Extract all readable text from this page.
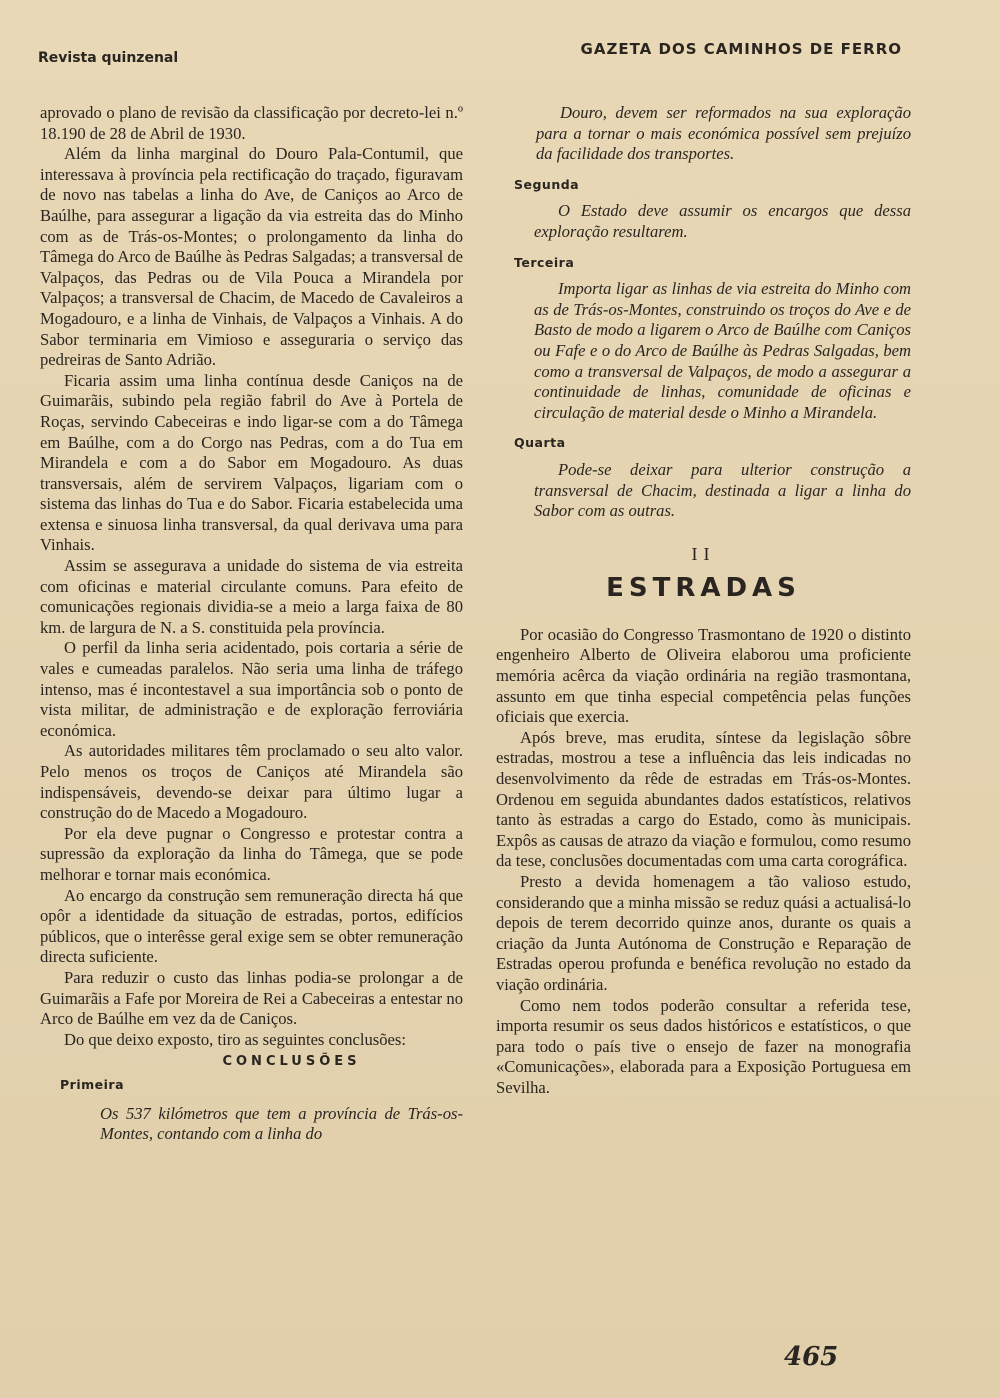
Revista quinzenal	GAZETA DOS CAMINHOS DE FERRO

aprovado o plano de revisão da classificação por decreto-lei n.º 18.190 de 28 de Abril de 1930.

Além da linha marginal do Douro Pala-Contumil, que interessava à província pela rectificação do traçado, figuravam de novo nas tabelas a linha do Ave, de Caniços ao Arco de Baúlhe, para assegurar a ligação da via estreita das do Minho com as de Trás-os-Montes; o prolongamento da linha do Tâmega do Arco de Baúlhe às Pedras Salgadas; a transversal de Valpaços, das Pedras ou de Vila Pouca a Mirandela por Valpaços; a transversal de Chacim, de Macedo de Cavaleiros a Mogadouro, e a linha de Vinhais, de Valpaços a Vinhais. A do Sabor terminaria em Vimioso e asseguraria o serviço das pedreiras de Santo Adrião.

Ficaria assim uma linha contínua desde Caniços na de Guimarãis, subindo pela região fabril do Ave à Portela de Roças, servindo Cabeceiras e indo ligar-se com a do Tâmega em Baúlhe, com a do Corgo nas Pedras, com a do Tua em Mirandela e com a do Sabor em Mogadouro. As duas transversais, além de servirem Valpaços, ligariam com o sistema das linhas do Tua e do Sabor. Ficaria estabelecida uma extensa e sinuosa linha transversal, da qual derivava uma para Vinhais.

Assim se assegurava a unidade do sistema de via estreita com oficinas e material circulante comuns. Para efeito de comunicações regionais dividia-se a meio a larga faixa de 80 km. de largura de N. a S. constituida pela província.

O perfil da linha seria acidentado, pois cortaria a série de vales e cumeadas paralelos. Não seria uma linha de tráfego intenso, mas é incontestavel a sua importância sob o ponto de vista militar, de administração e de exploração ferroviária económica.

As autoridades militares têm proclamado o seu alto valor. Pelo menos os troços de Caniços até Mirandela são indispensáveis, devendo-se deixar para último lugar a construção do de Macedo a Mogadouro.

Por ela deve pugnar o Congresso e protestar contra a supressão da exploração da linha do Tâmega, que se pode melhorar e tornar mais económica.

Ao encargo da construção sem remuneração directa há que opôr a identidade da situação de estradas, portos, edifícios públicos, que o interêsse geral exige sem se obter remuneração directa suficiente.

Para reduzir o custo das linhas podia-se prolongar a de Guimarãis a Fafe por Moreira de Rei a Cabeceiras a entestar no Arco de Baúlhe em vez da de Caniços.

Do que deixo exposto, tiro as seguintes conclusões:

CONCLUSÕES
Primeira

Os 537 kilómetros que tem a província de Trás-os-Montes, contando com a linha do

Douro, devem ser reformados na sua exploração para a tornar o mais económica possível sem prejuízo da facilidade dos transportes.

Segunda

O Estado deve assumir os encargos que dessa exploração resultarem.

Terceira

Importa ligar as linhas de via estreita do Minho com as de Trás-os-Montes, construindo os troços do Ave e de Basto de modo a ligarem o Arco de Baúlhe com Caniços ou Fafe e o do Arco de Baúlhe às Pedras Salgadas, bem como a transversal de Valpaços, de modo a assegurar a continuidade de linhas, comunidade de oficinas e circulação de material desde o Minho a Mirandela.

Quarta

Pode-se deixar para ulterior construção a transversal de Chacim, destinada a ligar a linha do Sabor com as outras.

II
ESTRADAS

Por ocasião do Congresso Trasmontano de 1920 o distinto engenheiro Alberto de Oliveira elaborou uma proficiente memória acêrca da viação ordinária na região trasmontana, assunto em que tinha especial competência pelas funções oficiais que exercia.

Após breve, mas erudita, síntese da legislação sôbre estradas, mostrou a tese a influência das leis indicadas no desenvolvimento da rêde de estradas em Trás-os-Montes. Ordenou em seguida abundantes dados estatísticos, relativos tanto às estradas a cargo do Estado, como às municipais. Expôs as causas de atrazo da viação e formulou, como resumo da tese, conclusões documentadas com uma carta corográfica.

Presto a devida homenagem a tão valioso estudo, considerando que a minha missão se reduz quási a actualisá-lo depois de terem decorrido quinze anos, durante os quais a criação da Junta Autónoma de Construção e Reparação de Estradas operou profunda e benéfica revolução no estado da viação ordinária.

Como nem todos poderão consultar a referida tese, importa resumir os seus dados históricos e estatísticos, o que para todo o país tive o ensejo de fazer na monografia «Comunicações», elaborada para a Exposição Portuguesa em Sevilha.

465
